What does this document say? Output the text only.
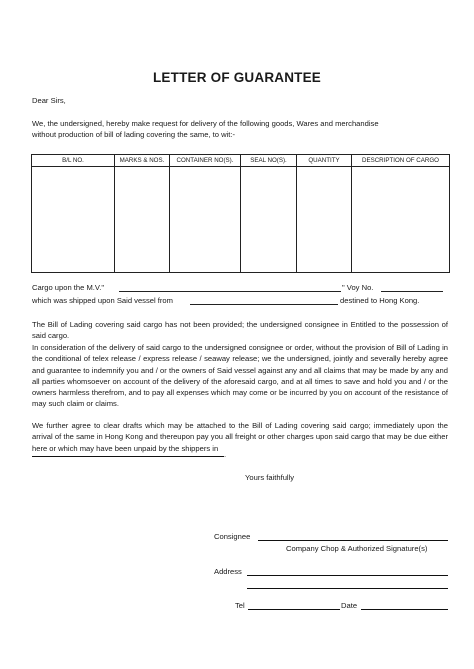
LETTER OF GUARANTEE
Dear Sirs,
We, the undersigned, hereby make request for delivery of the following goods, Wares and merchandise
without production of bill of lading covering the same, to wit:-
B/L NO.	MARKS & NOS.	CONTAINER NO(S).	SEAL NO(S).	QUANTITY	DESCRIPTION OF CARGO

Cargo upon the M.V."	" Voy No.
which was shipped upon Said vessel from	destined to Hong Kong.
The Bill of Lading covering said cargo has not been provided; the undersigned consignee in Entitled to the possession of said cargo.
In consideration of the delivery of said cargo to the undersigned consignee or order, without the provision of Bill of Lading in the conditional of telex release / express release / seaway release; we the undersigned, jointly and severally hereby agree and guarantee to indemnify you and / or the owners of Said vessel against any and all claims that may be made by any and all parties whomsoever on account of the delivery of the aforesaid cargo, and at all times to save and hold you and / or the owners harmless therefrom, and to pay all expenses which may come or be incurred by you on account of the resistance of may such claim or claims.
We further agree to clear drafts which may be attached to the Bill of Lading covering said cargo; immediately upon the arrival of the same in Hong Kong and thereupon pay you all freight or other charges upon said cargo that may be due either here or which may have been unpaid by the shippers in
.
Yours faithfully
Consignee
Company Chop & Authorized Signature(s)
Address
Tel	Date
